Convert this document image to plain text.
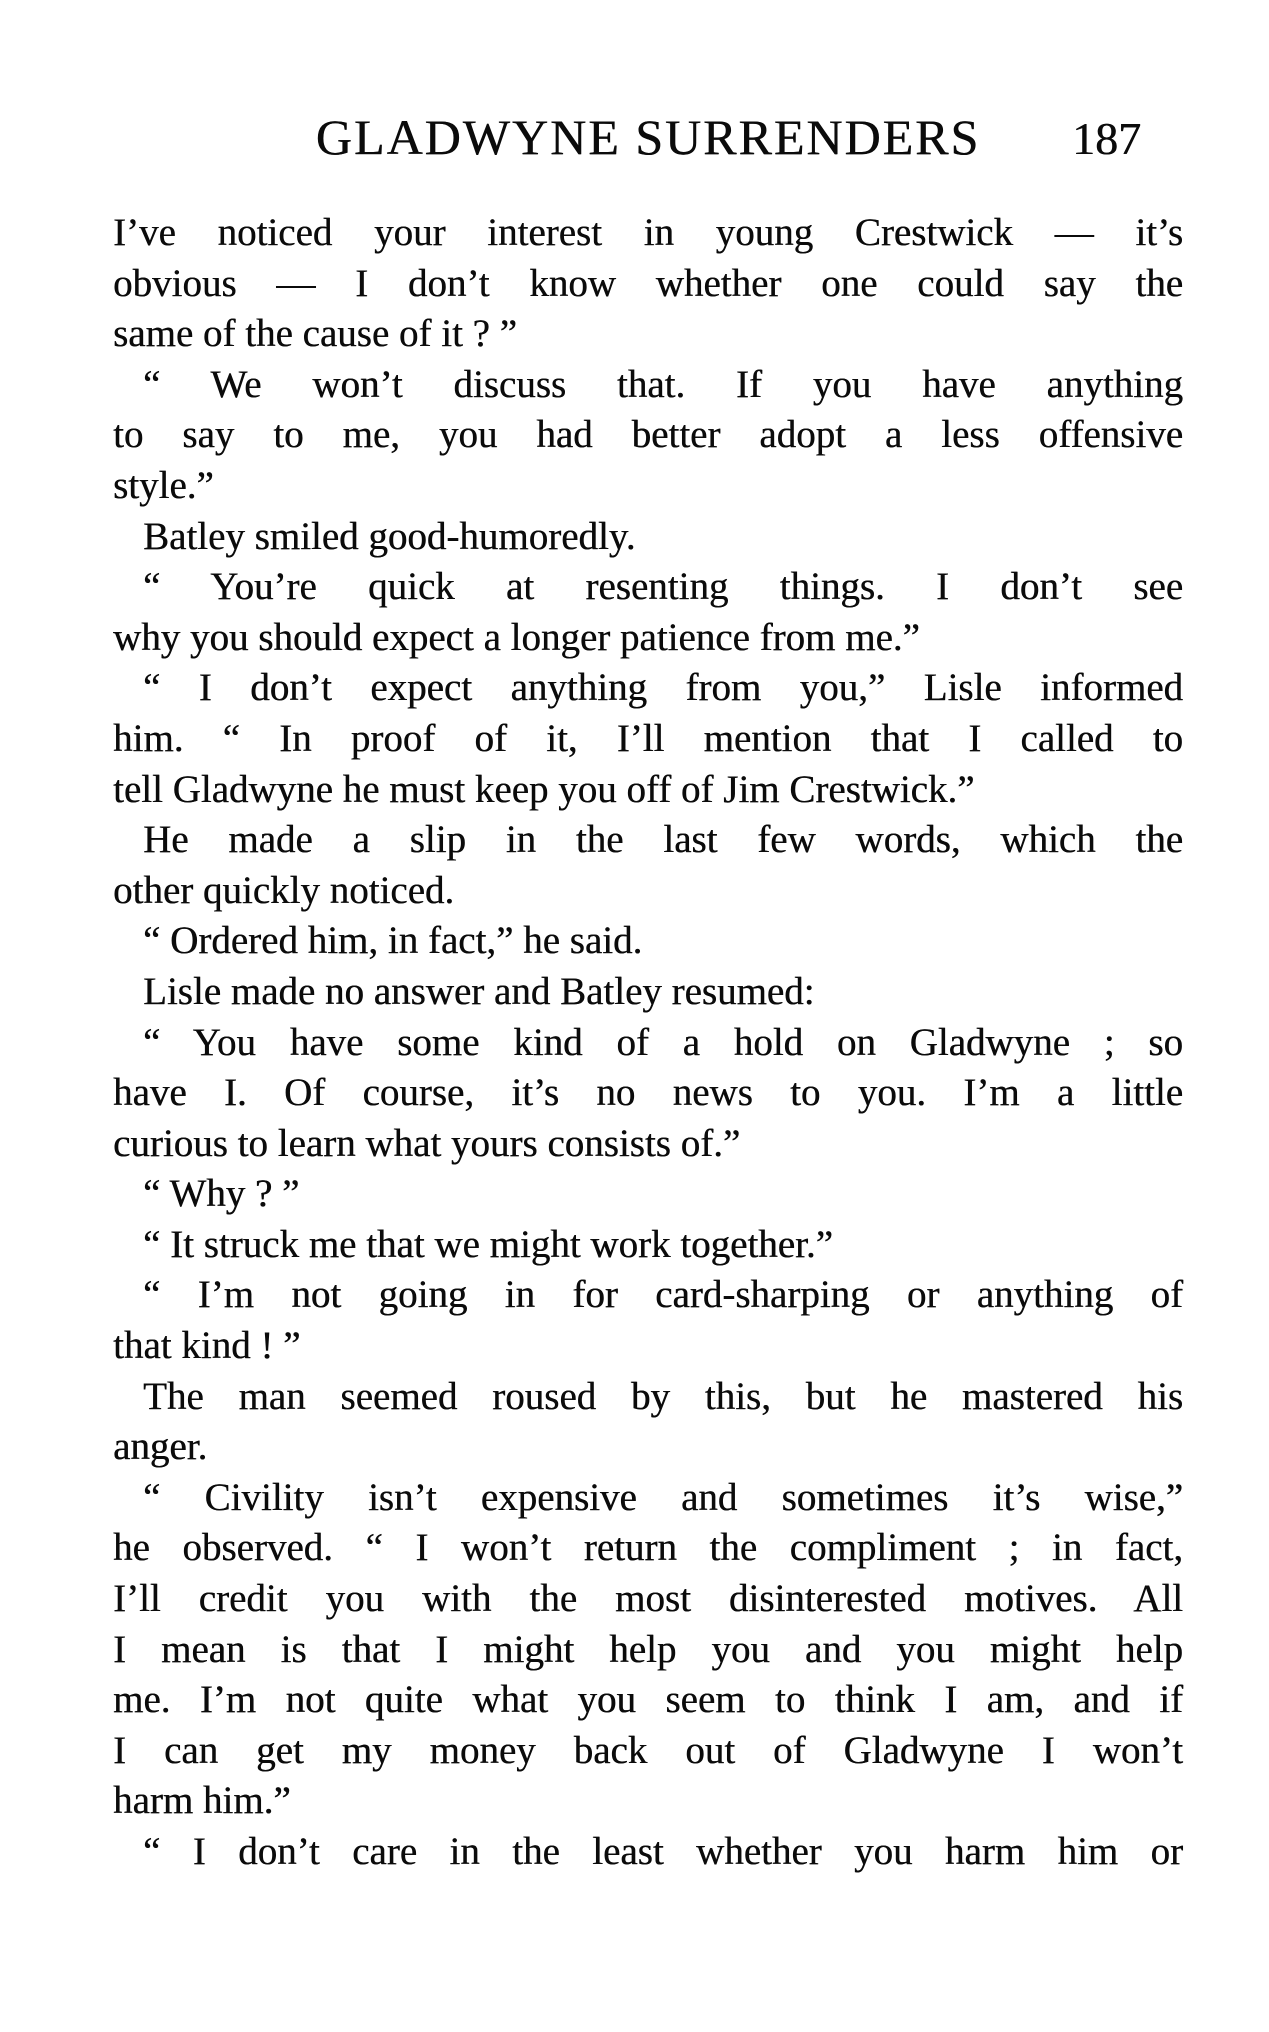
GLADWYNE SURRENDERS	187
I’ve noticed your interest in young Crestwick — it’s
obvious — I don’t know whether one could say the
same of the cause of it ? ”
“ We won’t discuss that. If you have anything
to say to me, you had better adopt a less offensive
style.”
Batley smiled good-humoredly.
“ You’re quick at resenting things. I don’t see
why you should expect a longer patience from me.”
“ I don’t expect anything from you,” Lisle informed
him. “ In proof of it, I’ll mention that I called to
tell Gladwyne he must keep you off of Jim Crestwick.”
He made a slip in the last few words, which the
other quickly noticed.
“ Ordered him, in fact,” he said.
Lisle made no answer and Batley resumed:
“ You have some kind of a hold on Gladwyne ; so
have I. Of course, it’s no news to you. I’m a little
curious to learn what yours consists of.”
“ Why ? ”
“ It struck me that we might work together.”
“ I’m not going in for card-sharping or anything of
that kind ! ”
The man seemed roused by this, but he mastered his
anger.
“ Civility isn’t expensive and sometimes it’s wise,”
he observed. “ I won’t return the compliment ; in fact,
I’ll credit you with the most disinterested motives. All
I mean is that I might help you and you might help
me. I’m not quite what you seem to think I am, and if
I can get my money back out of Gladwyne I won’t
harm him.”
“ I don’t care in the least whether you harm him or
